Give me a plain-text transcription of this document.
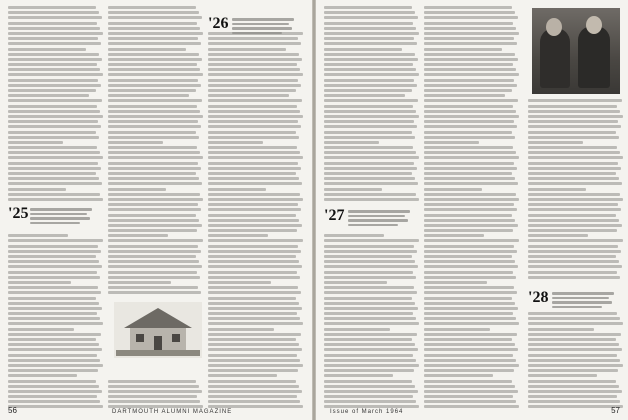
'25
'26
56	DARTMOUTH ALUMNI MAGAZINE
'27
'28
Issue of March 1964	57
